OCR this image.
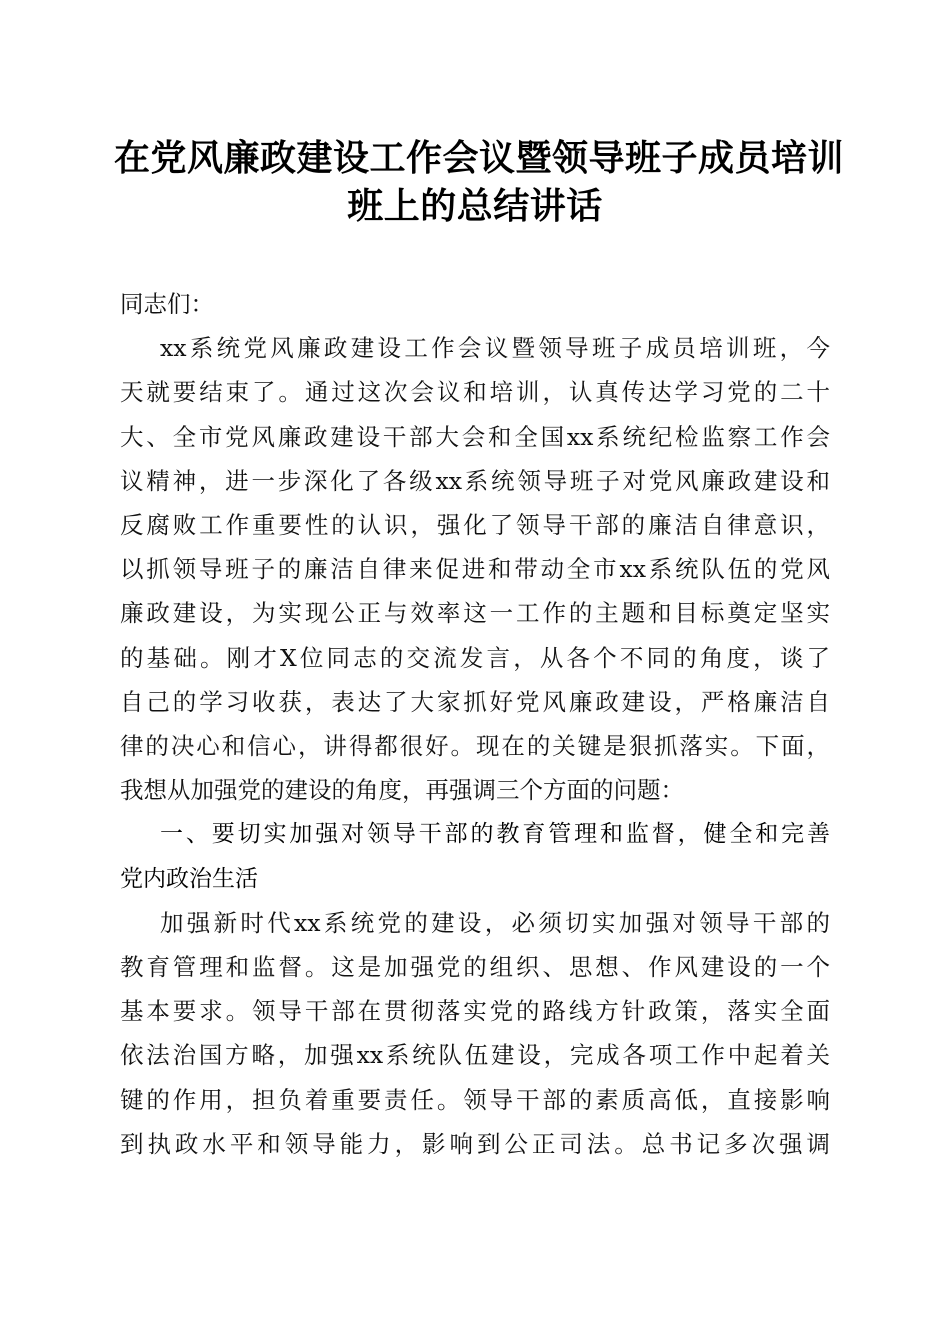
在党风廉政建设工作会议暨领导班子成员培训
班上的总结讲话
同志们：
xx系统党风廉政建设工作会议暨领导班子成员培训班，今
天就要结束了。通过这次会议和培训，认真传达学习党的二十
大、全市党风廉政建设干部大会和全国xx系统纪检监察工作会
议精神，进一步深化了各级xx系统领导班子对党风廉政建设和
反腐败工作重要性的认识，强化了领导干部的廉洁自律意识，
以抓领导班子的廉洁自律来促进和带动全市xx系统队伍的党风
廉政建设，为实现公正与效率这一工作的主题和目标奠定坚实
的基础。刚才X位同志的交流发言，从各个不同的角度，谈了
自己的学习收获，表达了大家抓好党风廉政建设，严格廉洁自
律的决心和信心，讲得都很好。现在的关键是狠抓落实。下面，
我想从加强党的建设的角度，再强调三个方面的问题：
一、要切实加强对领导干部的教育管理和监督，健全和完善
党内政治生活
加强新时代xx系统党的建设，必须切实加强对领导干部的
教育管理和监督。这是加强党的组织、思想、作风建设的一个
基本要求。领导干部在贯彻落实党的路线方针政策，落实全面
依法治国方略，加强xx系统队伍建设，完成各项工作中起着关
键的作用，担负着重要责任。领导干部的素质高低，直接影响
到执政水平和领导能力，影响到公正司法。总书记多次强调
